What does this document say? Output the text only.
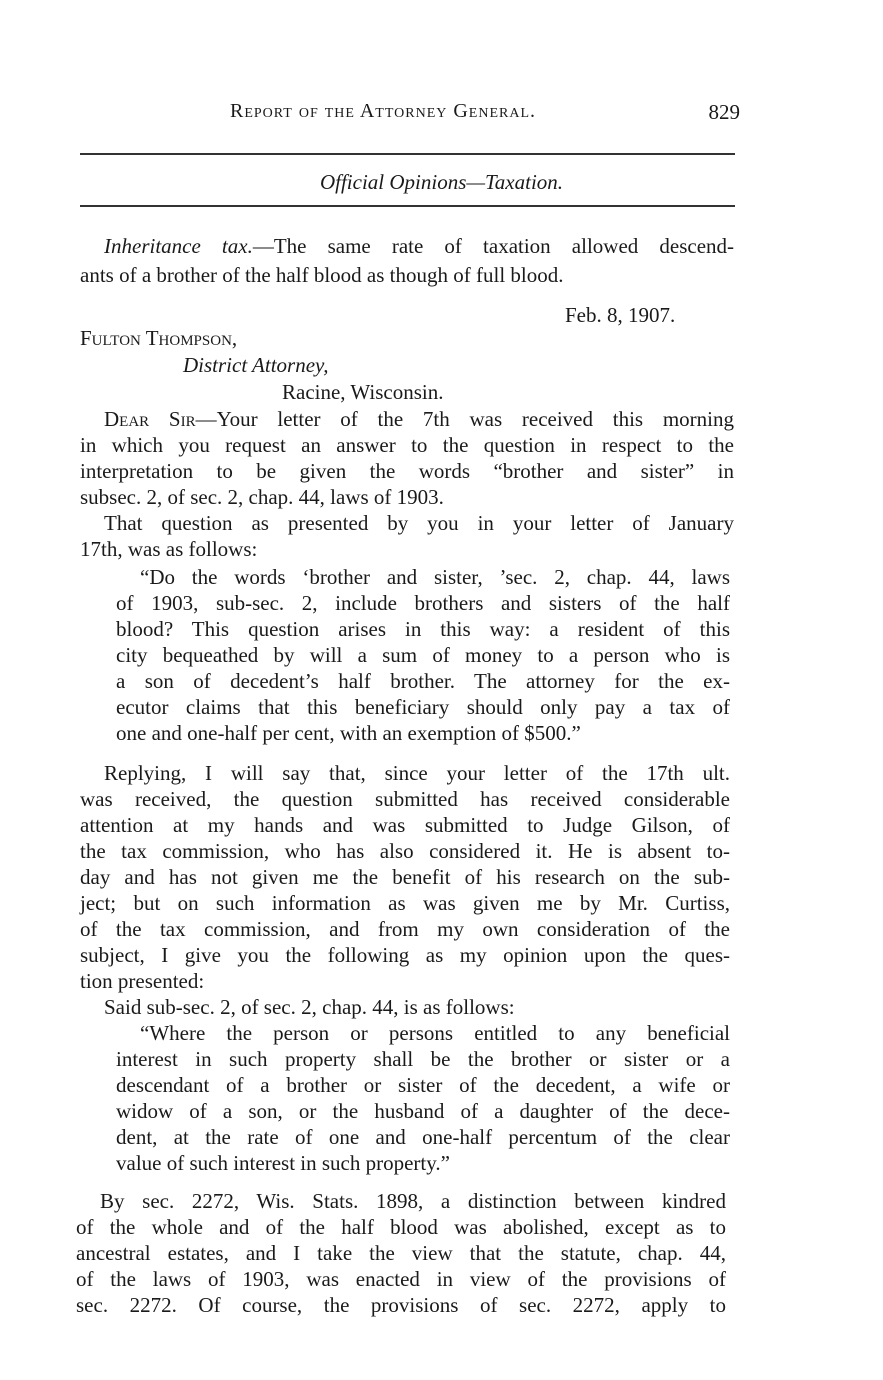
Report of the Attorney General.	829
Official Opinions—Taxation.
Inheritance tax.—The same rate of taxation allowed descend-
ants of a brother of the half blood as though of full blood.
Feb. 8, 1907.
Fulton Thompson,
District Attorney,
Racine, Wisconsin.
Dear Sir—Your letter of the 7th was received this morning
in which you request an answer to the question in respect to the
interpretation to be given the words “brother and sister” in
subsec. 2, of sec. 2, chap. 44, laws of 1903.
That question as presented by you in your letter of January
17th, was as follows:
“Do the words ‘brother and sister, ’sec. 2, chap. 44, laws
of 1903, sub-sec. 2, include brothers and sisters of the half
blood? This question arises in this way: a resident of this
city bequeathed by will a sum of money to a person who is
a son of decedent’s half brother. The attorney for the ex-
ecutor claims that this beneficiary should only pay a tax of
one and one-half per cent, with an exemption of $500.”
Replying, I will say that, since your letter of the 17th ult.
was received, the question submitted has received considerable
attention at my hands and was submitted to Judge Gilson, of
the tax commission, who has also considered it. He is absent to-
day and has not given me the benefit of his research on the sub-
ject; but on such information as was given me by Mr. Curtiss,
of the tax commission, and from my own consideration of the
subject, I give you the following as my opinion upon the ques-
tion presented:
Said sub-sec. 2, of sec. 2, chap. 44, is as follows:
“Where the person or persons entitled to any beneficial
interest in such property shall be the brother or sister or a
descendant of a brother or sister of the decedent, a wife or
widow of a son, or the husband of a daughter of the dece-
dent, at the rate of one and one-half percentum of the clear
value of such interest in such property.”
By sec. 2272, Wis. Stats. 1898, a distinction between kindred
of the whole and of the half blood was abolished, except as to
ancestral estates, and I take the view that the statute, chap. 44,
of the laws of 1903, was enacted in view of the provisions of
sec. 2272. Of course, the provisions of sec. 2272, apply to
